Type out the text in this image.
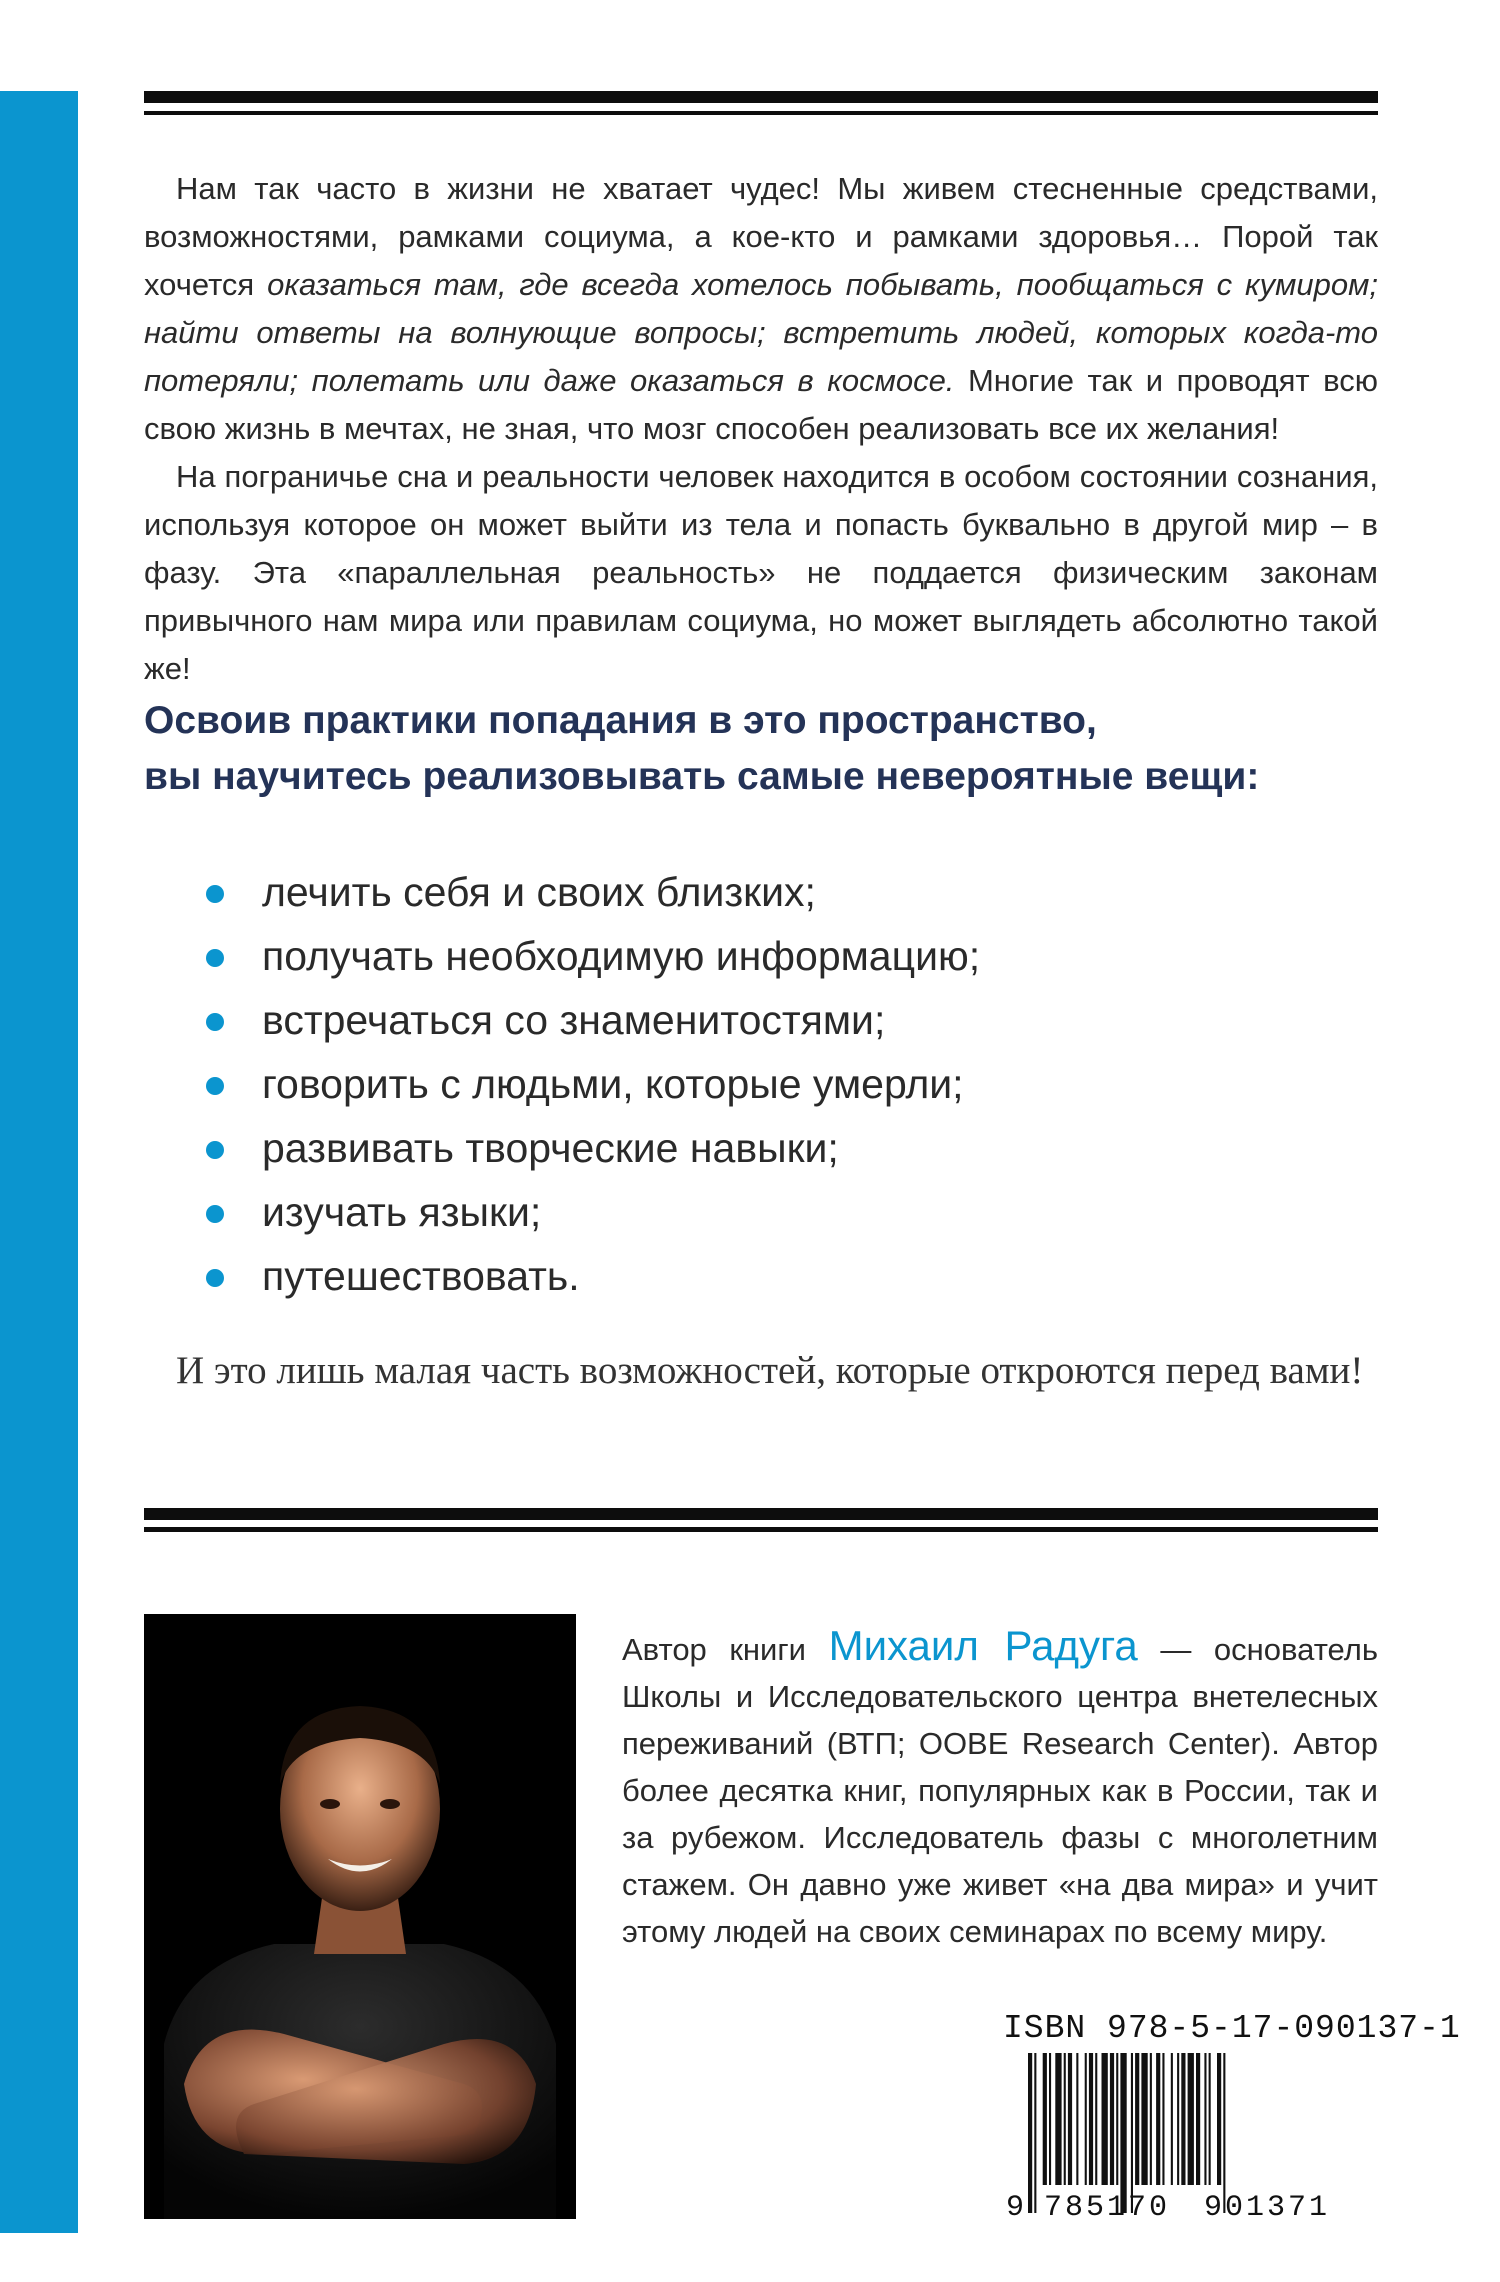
Нам так часто в жизни не хватает чудес! Мы живем стесненные средствами, возможностями, рамками социума, а кое-кто и рамками здоровья… Порой так хочется оказаться там, где всегда хотелось побывать, пообщаться с кумиром; найти ответы на волнующие вопросы; встретить людей, которых когда-то потеряли; полетать или даже оказаться в космосе. Многие так и проводят всю свою жизнь в мечтах, не зная, что мозг способен реализовать все их желания!

На пограничье сна и реальности человек находится в особом состоянии сознания, используя которое он может выйти из тела и попасть буквально в другой мир – в фазу. Эта «параллельная реальность» не поддается физическим законам привычного нам мира или правилам социума, но может выглядеть абсолютно такой же!

Освоив практики попадания в это пространство,
вы научитесь реализовывать самые невероятные вещи:
лечить себя и своих близких;
получать необходимую информацию;
встречаться со знаменитостями;
говорить с людьми, которые умерли;
развивать творческие навыки;
изучать языки;
путешествовать.

И это лишь малая часть возможностей, которые откроются перед вами!

Автор книги Михаил Радуга — основатель Школы и Исследовательского центра внетелесных переживаний (ВТП; OOBE Research Center). Автор более десятка книг, популярных как в России, так и за рубежом. Исследователь фазы с многолетним стажем. Он давно уже живет «на два мира» и учит этому людей на своих семинарах по всему миру.

ISBN 978-5-17-090137-1
9 785170 901371
